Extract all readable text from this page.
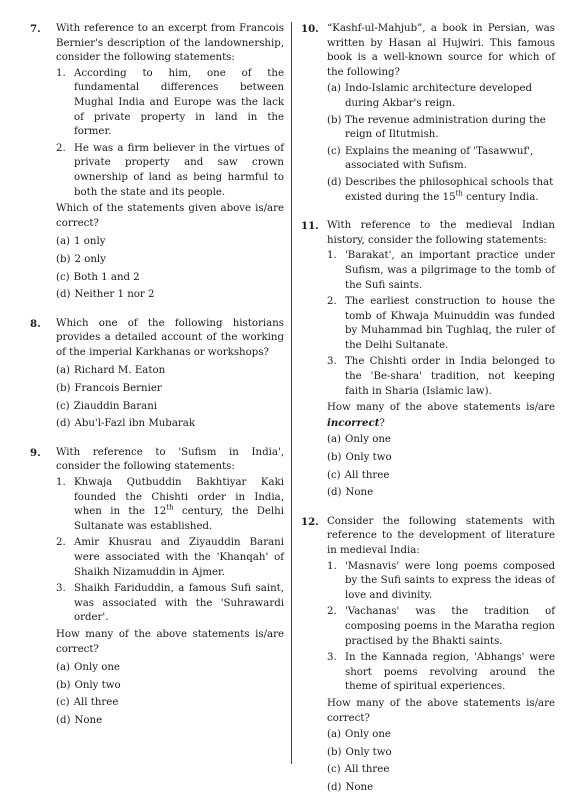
7. With reference to an excerpt from Francois Bernier's description of the landownership, consider the following statements:
1. According to him, one of the fundamental differences between Mughal India and Europe was the lack of private property in land in the former.
2. He was a firm believer in the virtues of private property and saw crown ownership of land as being harmful to both the state and its people.
Which of the statements given above is/are correct?
(a) 1 only
(b) 2 only
(c) Both 1 and 2
(d) Neither 1 nor 2
8. Which one of the following historians provides a detailed account of the working of the imperial Karkhanas or workshops?
(a) Richard M. Eaton
(b) Francois Bernier
(c) Ziauddin Barani
(d) Abu'l-Fazl ibn Mubarak
9. With reference to 'Sufism in India', consider the following statements:
1. Khwaja Qutbuddin Bakhtiyar Kaki founded the Chishti order in India, when in the 12th century, the Delhi Sultanate was established.
2. Amir Khusrau and Ziyauddin Barani were associated with the 'Khanqah' of Shaikh Nizamuddin in Ajmer.
3. Shaikh Fariduddin, a famous Sufi saint, was associated with the 'Suhrawardi order'.
How many of the above statements is/are correct?
(a) Only one
(b) Only two
(c) All three
(d) None
10. “Kashf-ul-Mahjub”, a book in Persian, was written by Hasan al Hujwiri. This famous book is a well-known source for which of the following?
(a) Indo-Islamic architecture developed during Akbar's reign.
(b) The revenue administration during the reign of Iltutmish.
(c) Explains the meaning of 'Tasawwuf', associated with Sufism.
(d) Describes the philosophical schools that existed during the 15th century India.
11. With reference to the medieval Indian history, consider the following statements:
1. 'Barakat', an important practice under Sufism, was a pilgrimage to the tomb of the Sufi saints.
2. The earliest construction to house the tomb of Khwaja Muinuddin was funded by Muhammad bin Tughlaq, the ruler of the Delhi Sultanate.
3. The Chishti order in India belonged to the 'Be-shara' tradition, not keeping faith in Sharia (Islamic law).
How many of the above statements is/are incorrect?
(a) Only one
(b) Only two
(c) All three
(d) None
12. Consider the following statements with reference to the development of literature in medieval India:
1. 'Masnavis' were long poems composed by the Sufi saints to express the ideas of love and divinity.
2. 'Vachanas' was the tradition of composing poems in the Maratha region practised by the Bhakti saints.
3. In the Kannada region, 'Abhangs' were short poems revolving around the theme of spiritual experiences.
How many of the above statements is/are correct?
(a) Only one
(b) Only two
(c) All three
(d) None
